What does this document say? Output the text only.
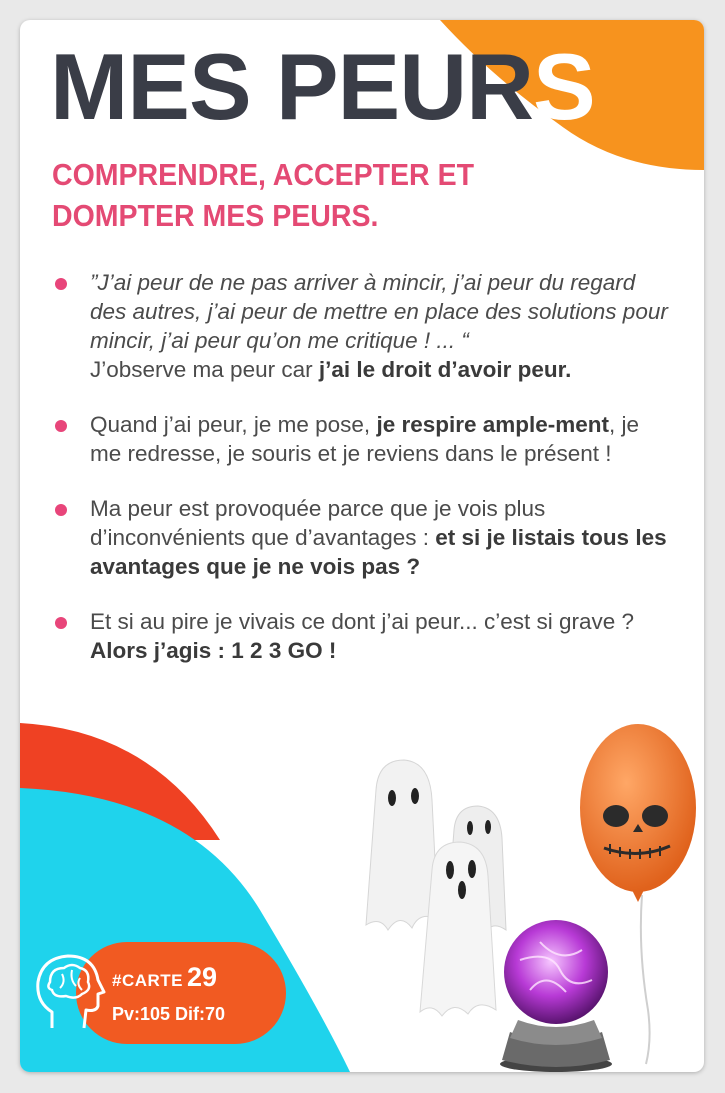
MES PEURS
COMPRENDRE, ACCEPTER ET DOMPTER MES PEURS.
”J’ai peur de ne pas arriver à mincir, j’ai peur du regard des autres, j’ai peur de mettre en place des solutions pour mincir, j’ai peur qu’on me critique ! ... “
J’observe ma peur car j’ai le droit d’avoir peur.
Quand j’ai peur, je me pose, je respire ample-ment, je me redresse, je souris et je reviens dans le présent !
Ma peur est provoquée parce que je vois plus d’inconvénients que d’avantages : et si je listais tous les avantages que je ne vois pas ?
Et si au pire je vivais ce dont j’ai peur... c’est si grave ? Alors j’agis : 1 2 3 GO !
#CARTE 29
Pv:105 Dif:70
